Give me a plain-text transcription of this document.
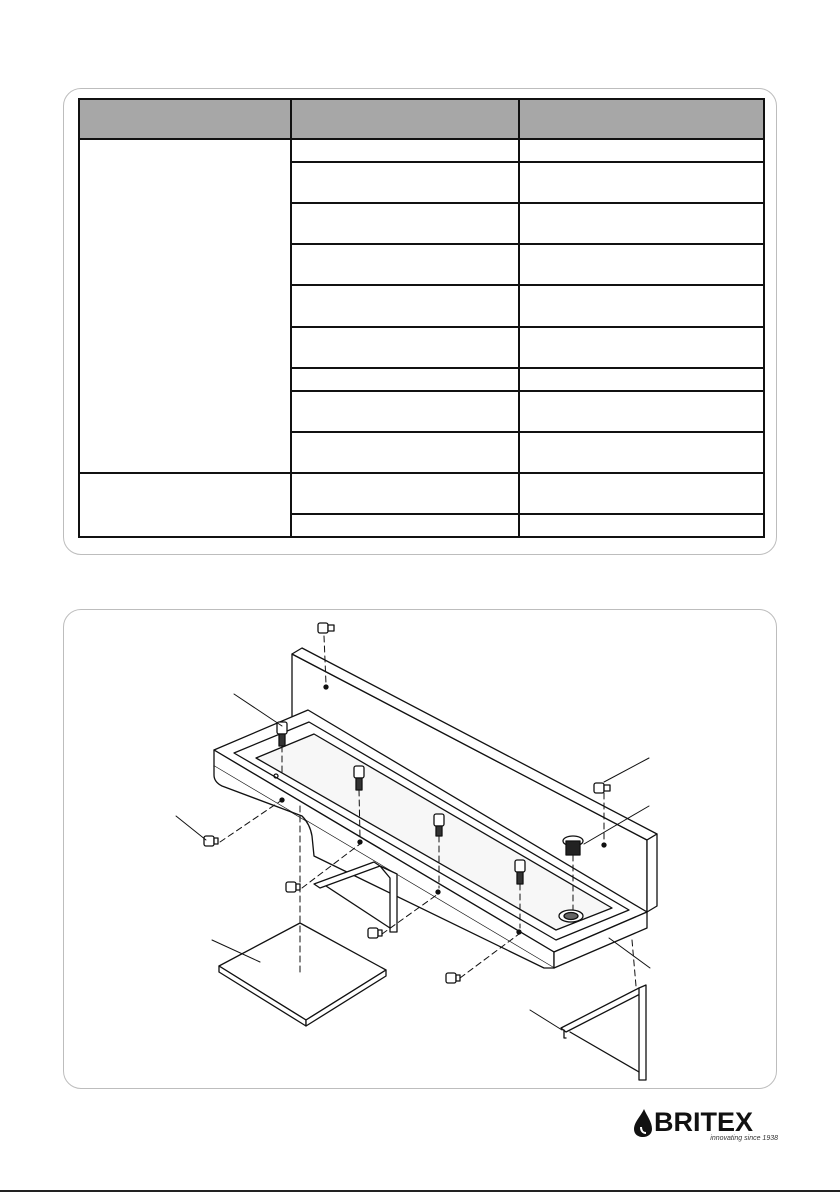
BRITEX
innovating since 1938
